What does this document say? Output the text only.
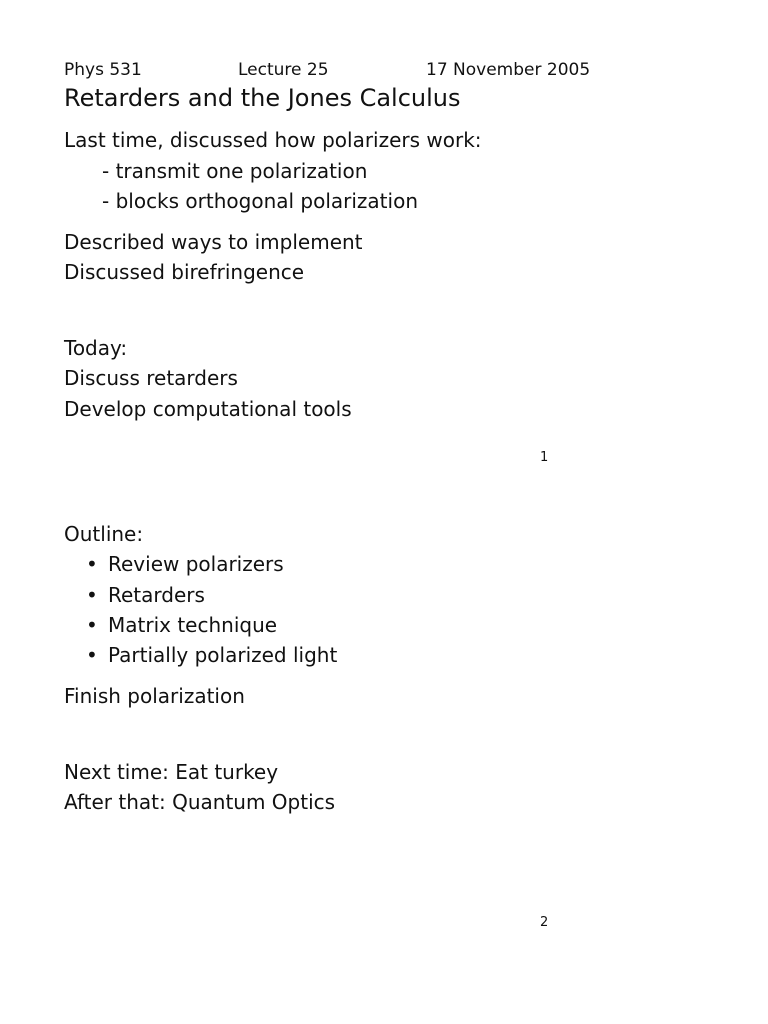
Phys 531	Lecture 25	17 November 2005
Retarders and the Jones Calculus
Last time, discussed how polarizers work:
- transmit one polarization
- blocks orthogonal polarization
Described ways to implement
Discussed birefringence
Today:
Discuss retarders
Develop computational tools
1
Outline:
• Review polarizers
• Retarders
• Matrix technique
• Partially polarized light
Finish polarization
Next time: Eat turkey
After that: Quantum Optics
2
